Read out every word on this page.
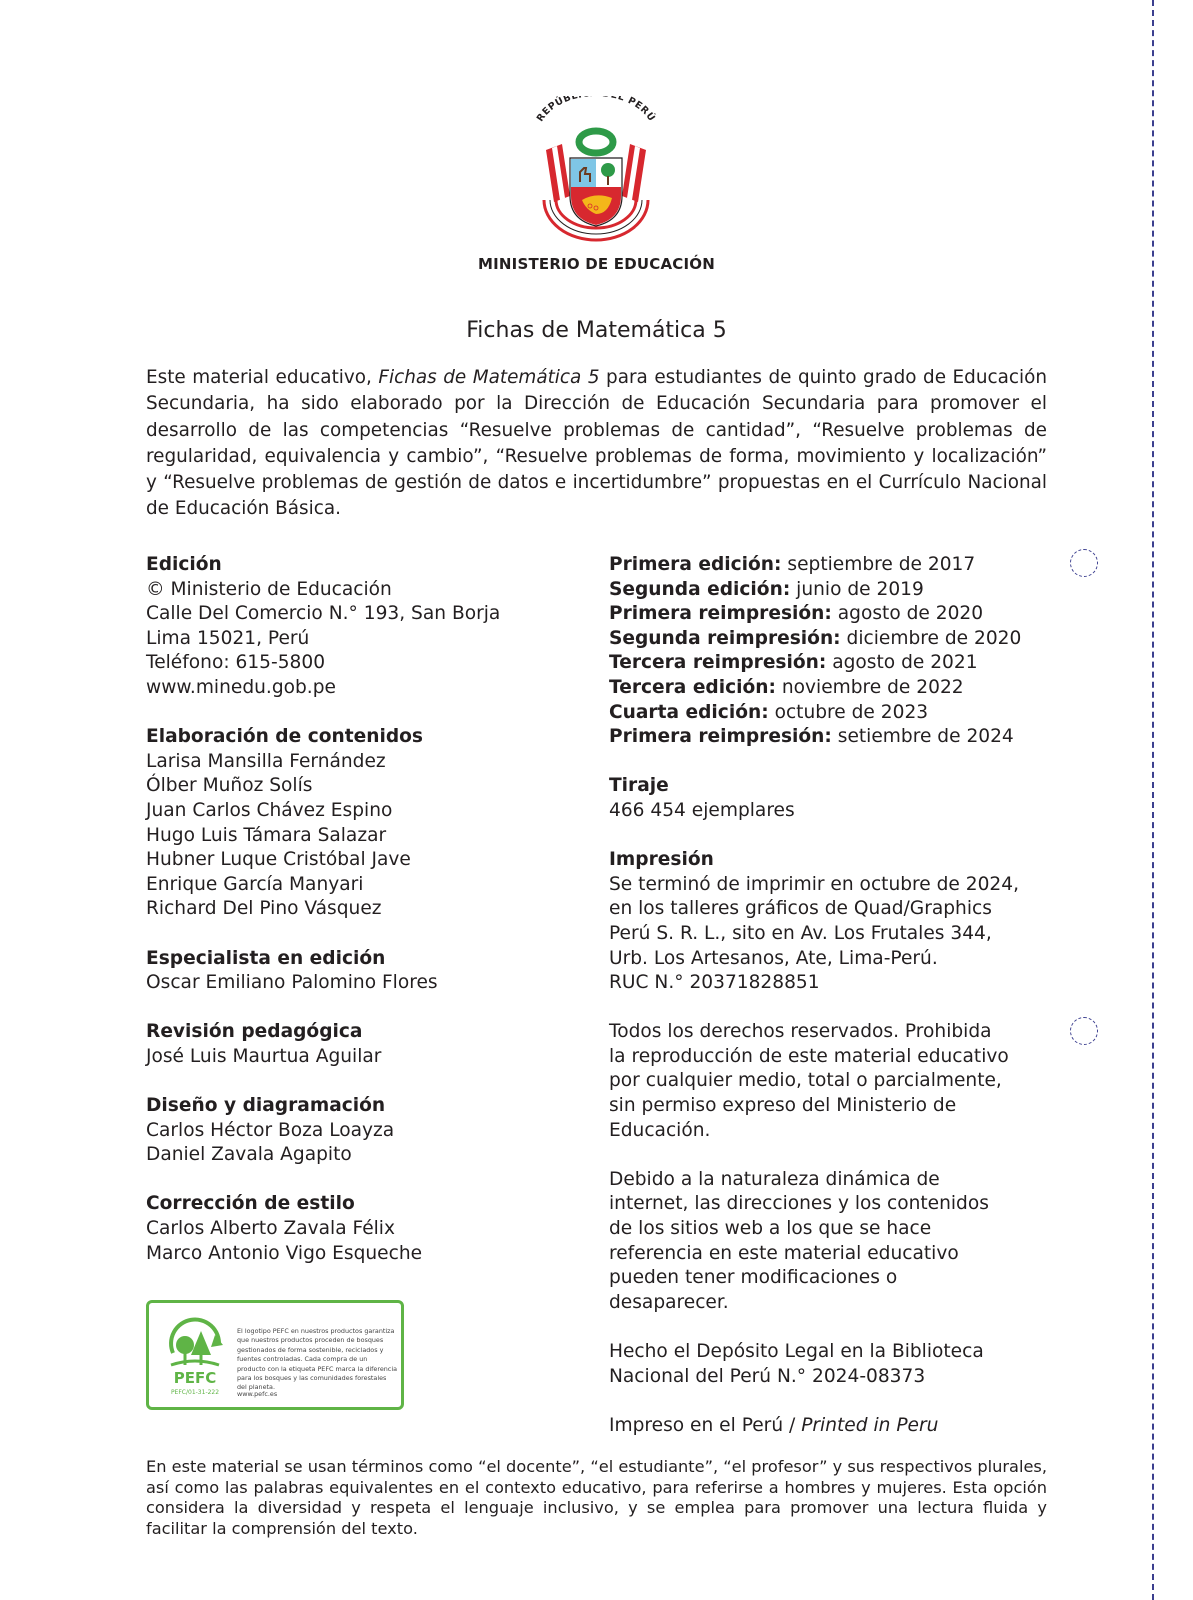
REPÚBL L PERÚ
MINISTERIO DE EDUCACIÓN
Fichas de Matemática 5

Este material educativo, Fichas de Matemática 5 para estudiantes de quinto grado de Educación Secundaria, ha sido elaborado por la Dirección de Educación Secundaria para promover el desarrollo de las competencias “Resuelve problemas de cantidad”, “Resuelve problemas de regularidad, equivalencia y cambio”, “Resuelve problemas de forma, movimiento y localización” y “Resuelve problemas de gestión de datos e incertidumbre” propuestas en el Currículo Nacional de Educación Básica.

Edición
© Ministerio de Educación
Calle Del Comercio N.° 193, San Borja
Lima 15021, Perú
Teléfono: 615-5800
www.minedu.gob.pe
Elaboración de contenidos
Larisa Mansilla Fernández
Ólber Muñoz Solís
Juan Carlos Chávez Espino
Hugo Luis Támara Salazar
Hubner Luque Cristóbal Jave
Enrique García Manyari
Richard Del Pino Vásquez
Especialista en edición
Oscar Emiliano Palomino Flores
Revisión pedagógica
José Luis Maurtua Aguilar
Diseño y diagramación
Carlos Héctor Boza Loayza
Daniel Zavala Agapito
Corrección de estilo
Carlos Alberto Zavala Félix
Marco Antonio Vigo Esqueche
PEFC
PEFC/01-31-222
El logotipo PEFC en nuestros productos garantiza que nuestros productos proceden de bosques gestionados de forma sostenible, reciclados y fuentes controladas. Cada compra de un producto con la etiqueta PEFC marca la diferencia para los bosques y las comunidades forestales del planeta.
www.pefc.es
Primera edición: septiembre de 2017
Segunda edición: junio de 2019
Primera reimpresión: agosto de 2020
Segunda reimpresión: diciembre de 2020
Tercera reimpresión: agosto de 2021
Tercera edición: noviembre de 2022
Cuarta edición: octubre de 2023
Primera reimpresión: setiembre de 2024
Tiraje
466 454 ejemplares
Impresión
Se terminó de imprimir en octubre de 2024,
en los talleres gráficos de Quad/Graphics
Perú S. R. L., sito en Av. Los Frutales 344,
Urb. Los Artesanos, Ate, Lima-Perú.
RUC N.° 20371828851
Todos los derechos reservados. Prohibida
la reproducción de este material educativo
por cualquier medio, total o parcialmente,
sin permiso expreso del Ministerio de
Educación.
Debido a la naturaleza dinámica de
internet, las direcciones y los contenidos
de los sitios web a los que se hace
referencia en este material educativo
pueden tener modificaciones o
desaparecer.
Hecho el Depósito Legal en la Biblioteca
Nacional del Perú N.° 2024-08373
Impreso en el Perú / Printed in Peru

En este material se usan términos como “el docente”, “el estudiante”, “el profesor” y sus respectivos plurales, así como las palabras equivalentes en el contexto educativo, para referirse a hombres y mujeres. Esta opción considera la diversidad y respeta el lenguaje inclusivo, y se emplea para promover una lectura fluida y facilitar la comprensión del texto.
